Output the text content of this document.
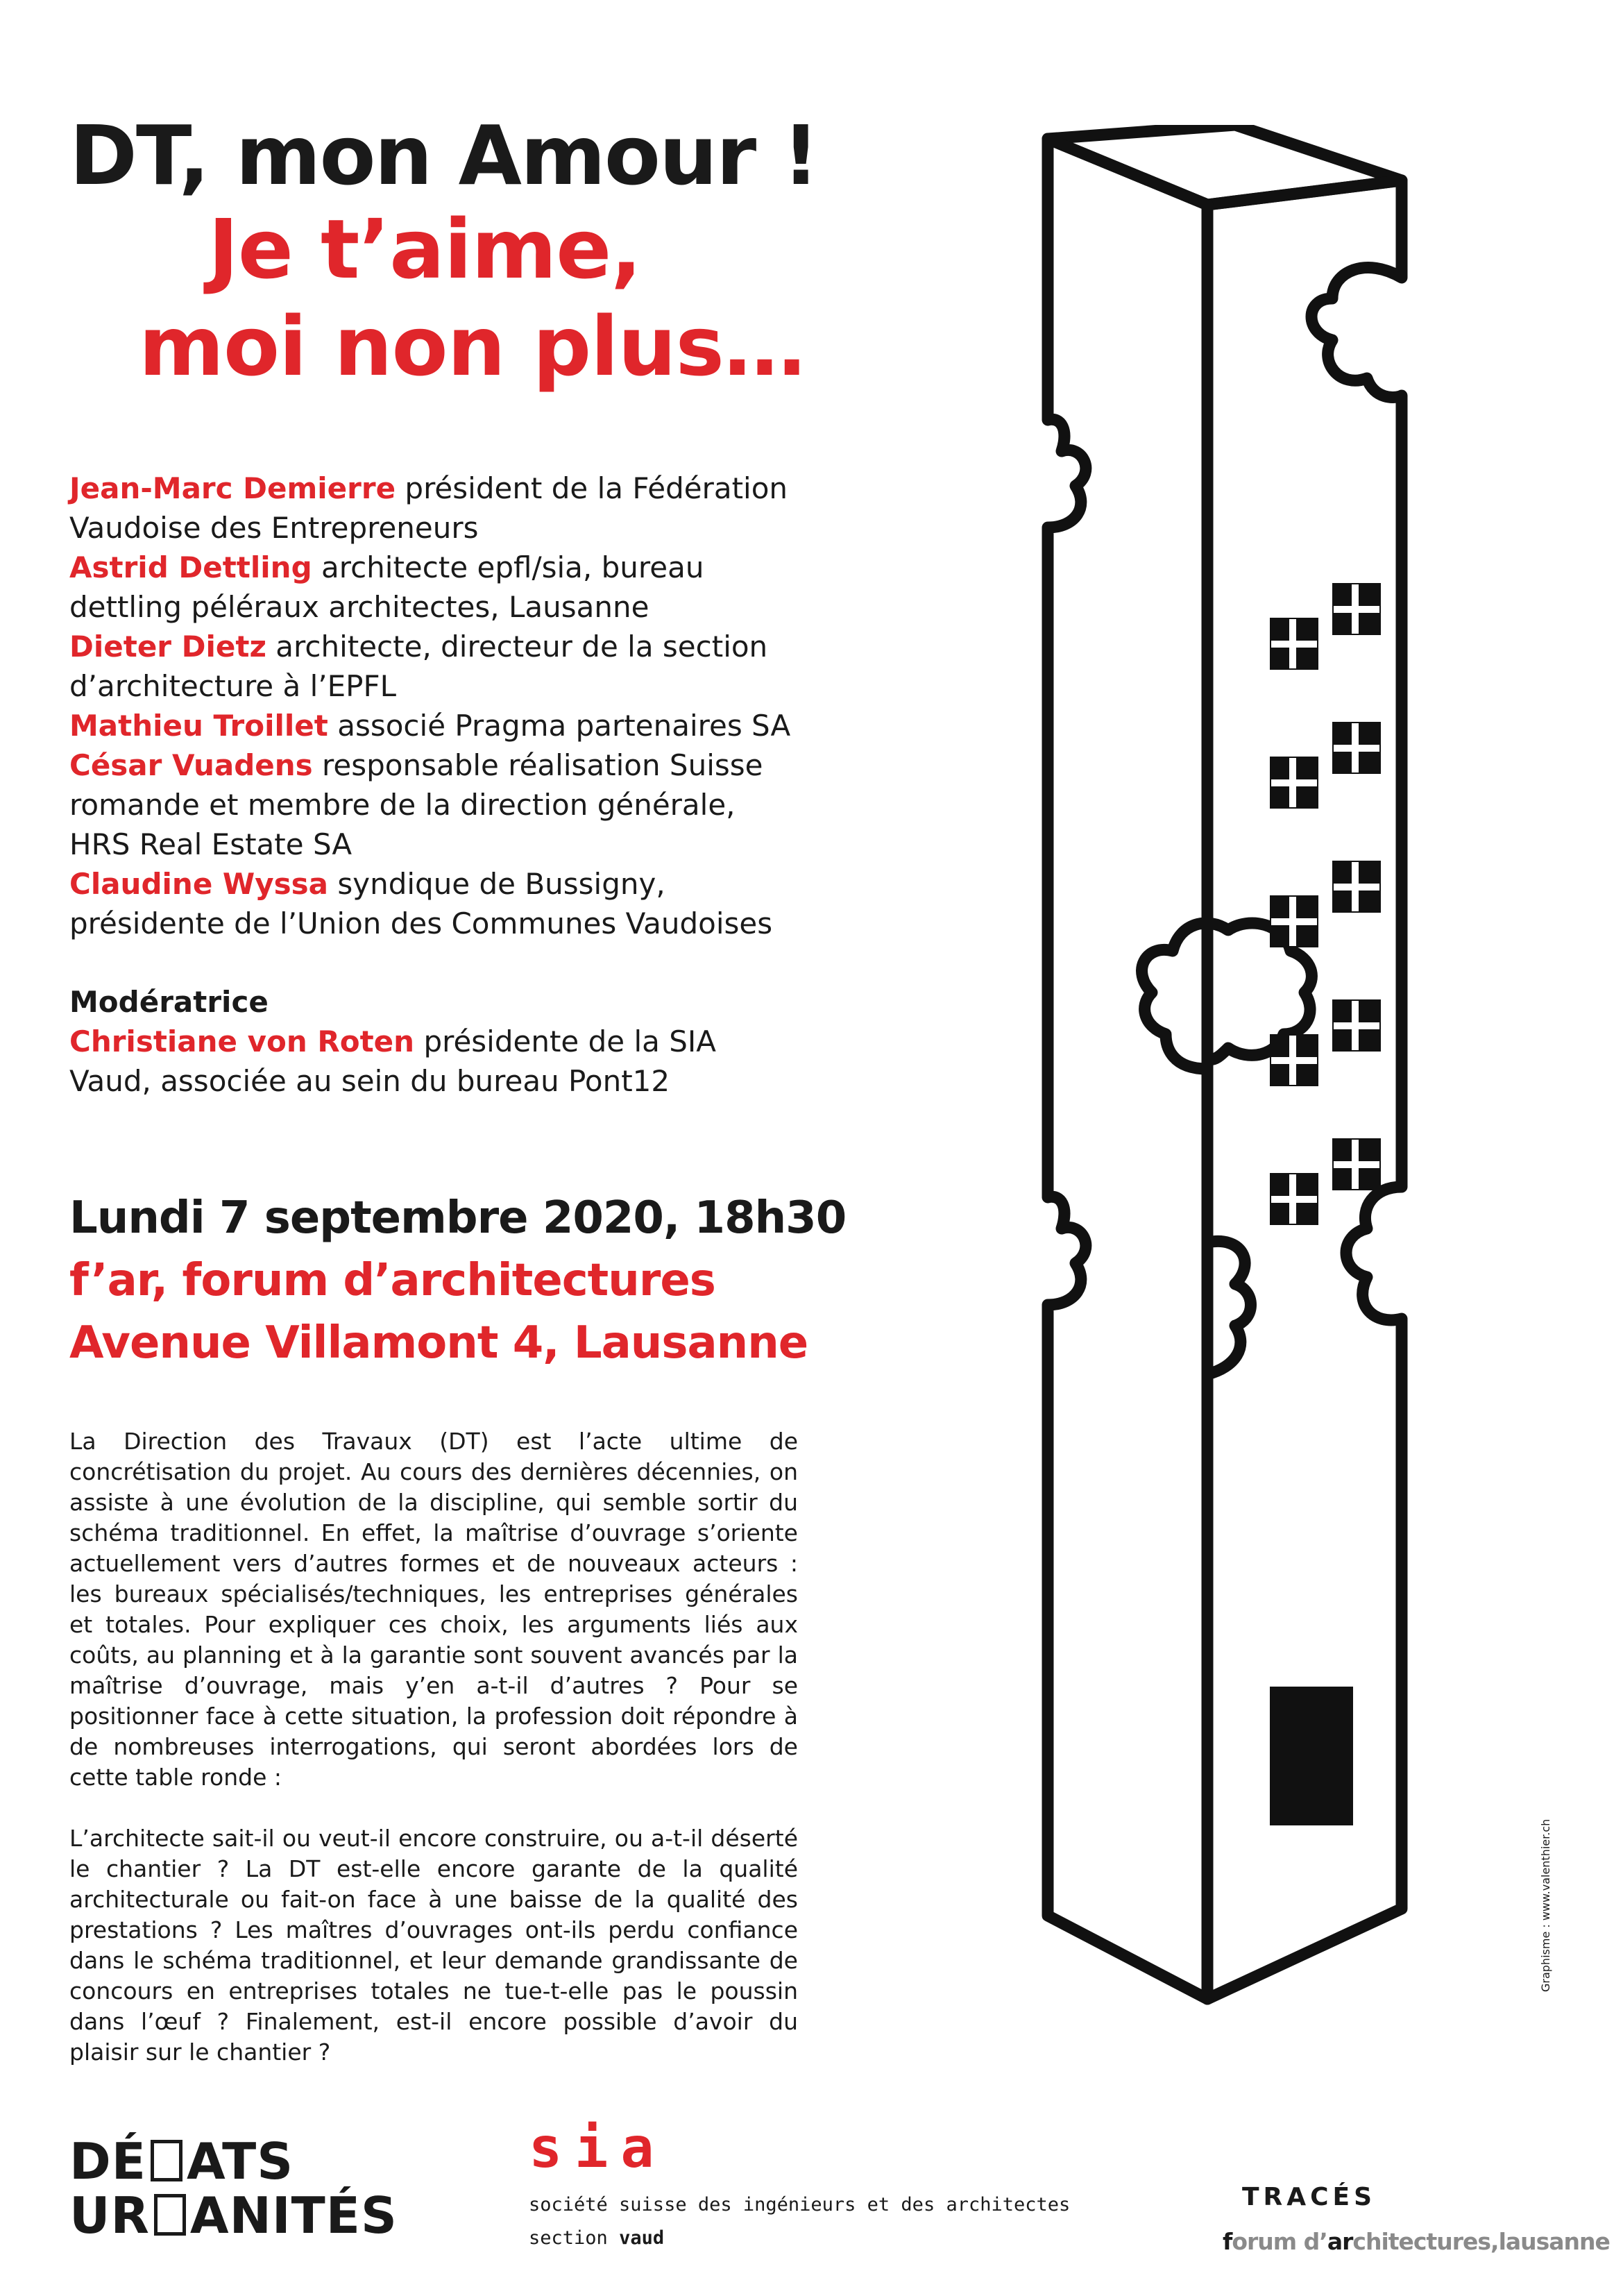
DT, mon Amour !
Je t’aime,
moi non plus…

Jean-Marc Demierre président de la Fédération Vaudoise des Entrepreneurs

Astrid Dettling architecte epfl/sia, bureau dettling péléraux architectes, Lausanne

Dieter Dietz architecte, directeur de la section d’architecture à l’EPFL

Mathieu Troillet associé Pragma partenaires SA

César Vuadens responsable réalisation Suisse romande et membre de la direction générale, HRS Real Estate SA

Claudine Wyssa syndique de Bussigny, présidente de l’Union des Communes Vaudoises

Modératrice
Christiane von Roten présidente de la SIA Vaud, associée au sein du bureau Pont12
Lundi 7 septembre 2020, 18h30
f’ar, forum d’architectures
Avenue Villamont 4, Lausanne

La Direction des Travaux (DT) est l’acte ultime de concrétisation du projet. Au cours des dernières décennies, on assiste à une évolution de la discipline, qui semble sortir du schéma traditionnel. En effet, la maîtrise d’ouvrage s’oriente actuellement vers d’autres formes et de nouveaux acteurs : les bureaux spécialisés/techniques, les entreprises générales et totales. Pour expliquer ces choix, les arguments liés aux coûts, au planning et à la garantie sont souvent avancés par la maîtrise d’ouvrage, mais y’en a-t-il d’autres ? Pour se positionner face à cette situation, la profession doit répondre à de nombreuses interrogations, qui seront abordées lors de cette table ronde :

L’architecte sait-il ou veut-il encore construire, ou a-t-il déserté le chantier ? La DT est-elle encore garante de la qualité architecturale ou fait-on face à une baisse de la qualité des prestations ? Les maîtres d’ouvrages ont-ils perdu confiance dans le schéma traditionnel, et leur demande grandissante de concours en entreprises totales ne tue-t-elle pas le poussin dans l’œuf ? Finalement, est-il encore possible d’avoir du plaisir sur le chantier ?

Graphisme : www.valenthier.ch
DÉ ATS
UR ANITÉS
sia
société suisse des ingénieurs et des architectes
section vaud
TRACÉS
forum d’architectures,lausanne
